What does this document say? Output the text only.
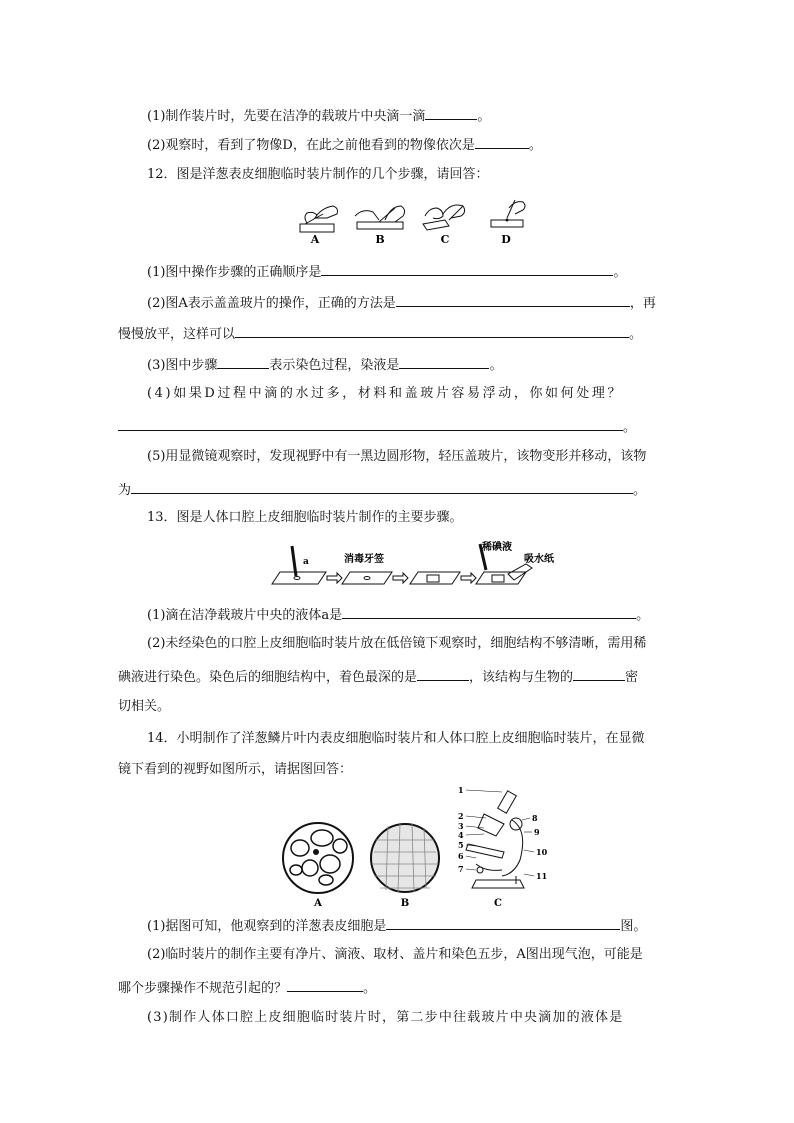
(1)制作装片时，先要在洁净的载玻片中央滴一滴	。
(2)观察时，看到了物像D，在此之前他看到的物像依次是	。
12．图是洋葱表皮细胞临时装片制作的几个步骤，请回答：
A	B	C	D
(1)图中操作步骤的正确顺序是	。
(2)图A表示盖盖玻片的操作，正确的方法是	，再
慢慢放平，这样可以	。
(3)图中步骤	表示染色过程，染液是	。
(4)如果D过程中滴的水过多，材料和盖玻片容易浮动，你如何处理？
。
(5)用显微镜观察时，发现视野中有一黑边圆形物，轻压盖玻片，该物变形并移动，该物
为	。
13．图是人体口腔上皮细胞临时装片制作的主要步骤。
a	消毒牙签
稀碘液
吸水纸
(1)滴在洁净载玻片中央的液体a是	。
(2)未经染色的口腔上皮细胞临时装片放在低倍镜下观察时，细胞结构不够清晰，需用稀
碘液进行染色。染色后的细胞结构中，着色最深的是	，该结构与生物的	密
切相关。
14．小明制作了洋葱鳞片叶内表皮细胞临时装片和人体口腔上皮细胞临时装片，在显微
镜下看到的视野如图所示，请据图回答：
A	B	C
1
2
3
4
5
6
7
8
9
10
11
(1)据图可知，他观察到的洋葱表皮细胞是	图。
(2)临时装片的制作主要有净片、滴液、取材、盖片和染色五步，A图出现气泡，可能是
哪个步骤操作不规范引起的？	。
(3)制作人体口腔上皮细胞临时装片时，第二步中往载玻片中央滴加的液体是
